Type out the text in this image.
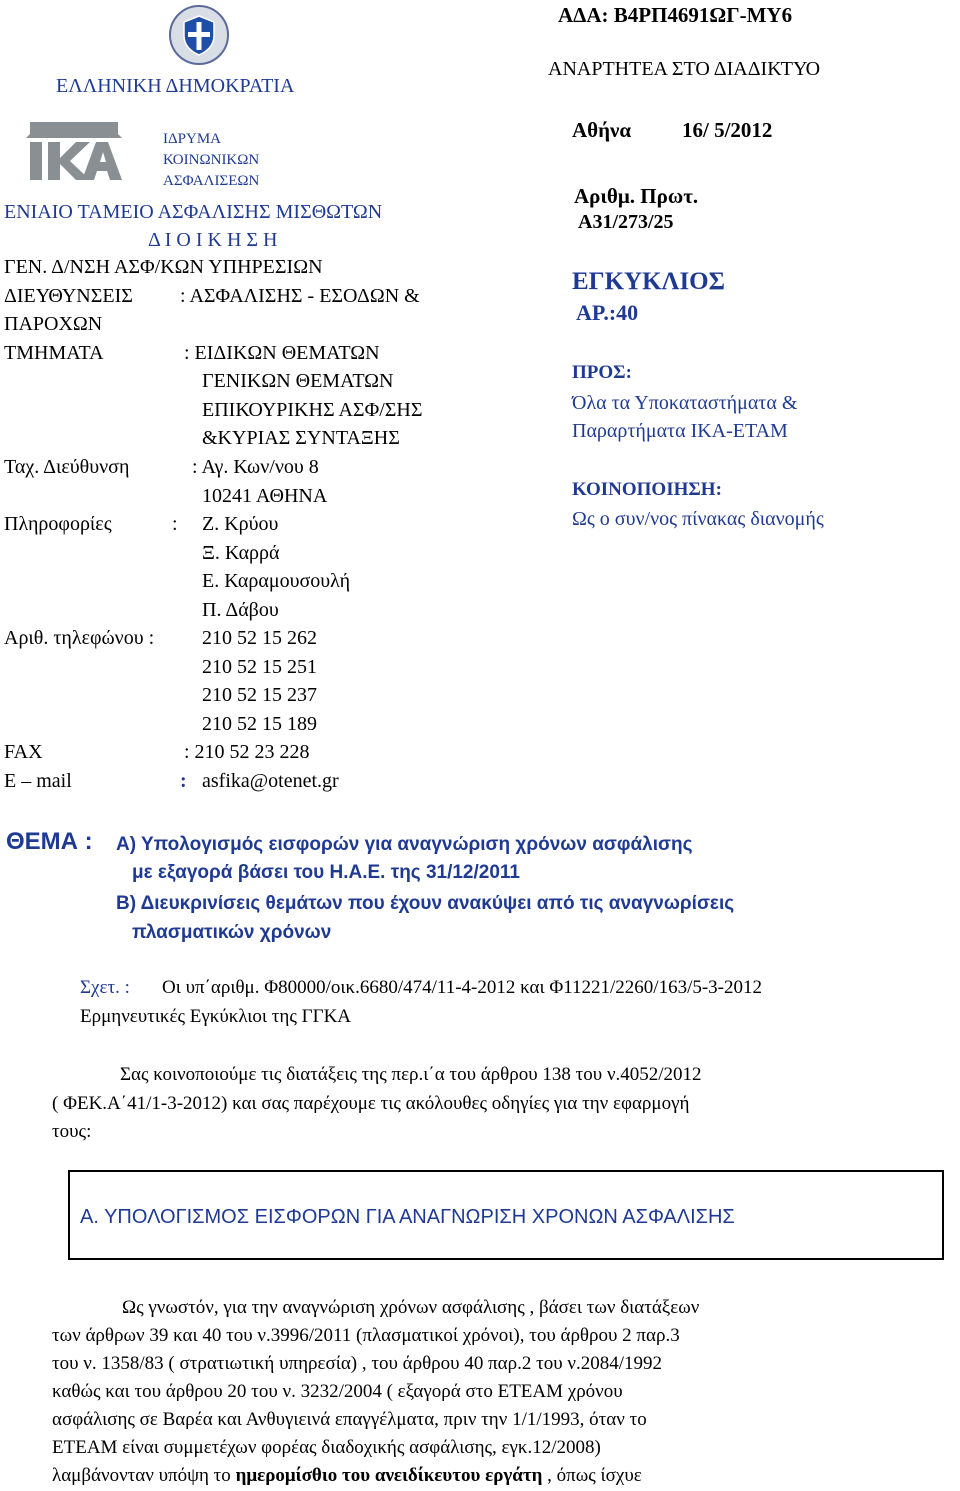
ΕΛΛΗΝΙΚΗ ΔΗΜΟΚΡΑΤΙΑ
ΙΔΡΥΜΑ
ΚΟΙΝΩΝΙΚΩΝ
ΑΣΦΑΛΙΣΕΩΝ
ΕΝΙΑΙΟ ΤΑΜΕΙΟ ΑΣΦΑΛΙΣΗΣ ΜΙΣΘΩΤΩΝ
Δ Ι Ο Ι Κ Η Σ Η
ΓΕΝ. Δ/ΝΣΗ ΑΣΦ/ΚΩΝ ΥΠΗΡΕΣΙΩΝ
ΔΙΕΥΘΥΝΣΕΙΣ : ΑΣΦΑΛΙΣΗΣ - ΕΣΟΔΩΝ &
ΠΑΡΟΧΩΝ
ΤΜΗΜΑΤΑ	: ΕΙΔΙΚΩΝ ΘΕΜΑΤΩΝ
ΓΕΝΙΚΩΝ ΘΕΜΑΤΩΝ
ΕΠΙΚΟΥΡΙΚΗΣ ΑΣΦ/ΣΗΣ
&ΚΥΡΙΑΣ ΣΥΝΤΑΞΗΣ
Ταχ. Διεύθυνση	: Αγ. Κων/νου 8
10241 ΑΘΗΝΑ
Πληροφορίες	: Ζ. Κρύου
Ξ. Καρρά
Ε. Καραμουσουλή
Π. Δάβου
Αριθ. τηλεφώνου : 210 52 15 262
210 52 15 251
210 52 15 237
210 52 15 189
FAX	: 210 52 23 228
E – mail	: asfika@otenet.gr
ΑΔΑ: Β4ΡΠ4691ΩΓ-ΜΥ6
ΑΝΑΡΤΗΤΕΑ ΣΤΟ ΔΙΑΔΙΚΤΥΟ
Αθήνα 16/ 5/2012
Αριθμ. Πρωτ.
Α31/273/25
ΕΓΚΥΚΛΙΟΣ
ΑΡ.:40
ΠΡΟΣ:
Όλα τα Υποκαταστήματα &
Παραρτήματα ΙΚΑ-ΕΤΑΜ
ΚΟΙΝΟΠΟΙΗΣΗ:
Ως ο συν/νος πίνακας διανομής
ΘΕΜΑ : Α) Υπολογισμός εισφορών για αναγνώριση χρόνων ασφάλισης
με εξαγορά βάσει του Η.Α.Ε. της 31/12/2011
Β) Διευκρινίσεις θεμάτων που έχουν ανακύψει από τις αναγνωρίσεις
πλασματικών χρόνων
Σχετ. : Οι υπ΄αριθμ. Φ80000/οικ.6680/474/11-4-2012 και Φ11221/2260/163/5-3-2012
Ερμηνευτικές Εγκύκλιοι της ΓΓΚΑ
Σας κοινοποιούμε τις διατάξεις της περ.ι΄α του άρθρου 138 του ν.4052/2012
( ΦΕΚ.Α΄41/1-3-2012) και σας παρέχουμε τις ακόλουθες οδηγίες για την εφαρμογή
τους:
Α. ΥΠΟΛΟΓΙΣΜΟΣ ΕΙΣΦΟΡΩΝ ΓΙΑ ΑΝΑΓΝΩΡΙΣΗ ΧΡΟΝΩΝ ΑΣΦΑΛΙΣΗΣ
Ως γνωστόν, για την αναγνώριση χρόνων ασφάλισης , βάσει των διατάξεων
των άρθρων 39 και 40 του ν.3996/2011 (πλασματικοί χρόνοι), του άρθρου 2 παρ.3
του ν. 1358/83 ( στρατιωτική υπηρεσία) , του άρθρου 40 παρ.2 του ν.2084/1992
καθώς και του άρθρου 20 του ν. 3232/2004 ( εξαγορά στο ΕΤΕΑΜ χρόνου
ασφάλισης σε Βαρέα και Ανθυγιεινά επαγγέλματα, πριν την 1/1/1993, όταν το
ΕΤΕΑΜ είναι συμμετέχων φορέας διαδοχικής ασφάλισης, εγκ.12/2008)
λαμβάνονταν υπόψη το ημερομίσθιο του ανειδίκευτου εργάτη , όπως ίσχυε
